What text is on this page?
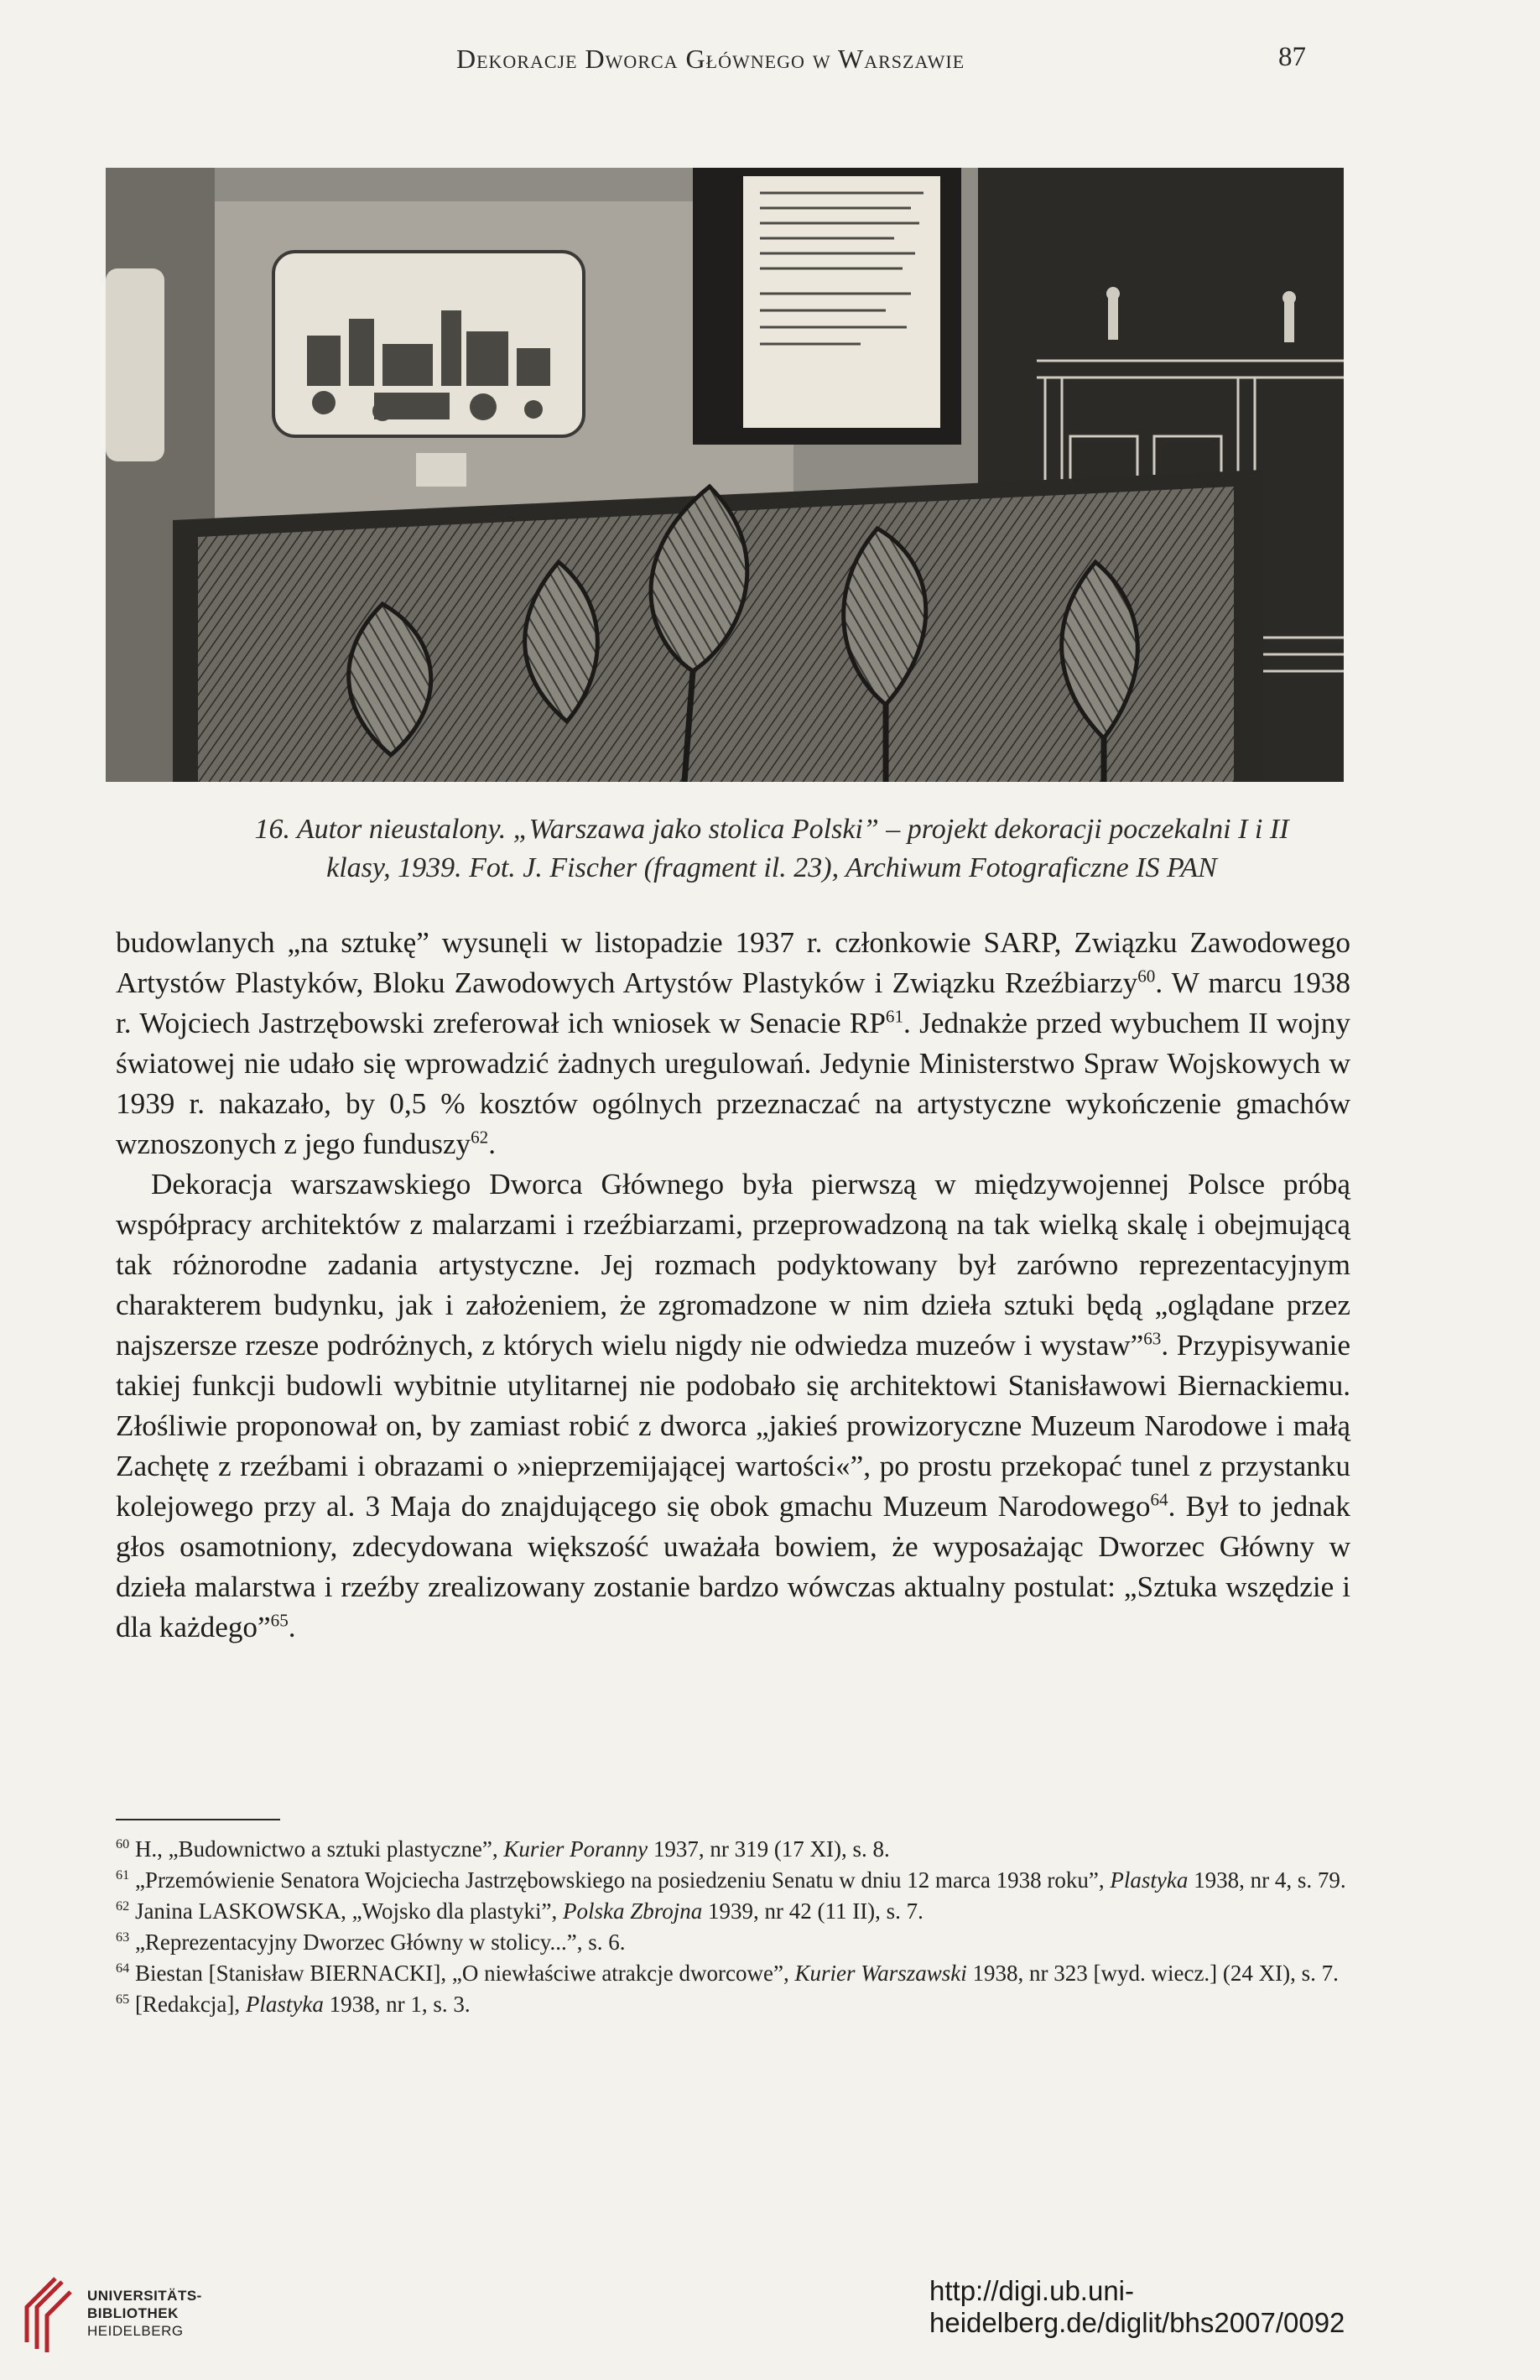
Dekoracje Dworca Głównego w Warszawie	87
16. Autor nieustalony. „Warszawa jako stolica Polski” – projekt dekoracji poczekalni I i II
klasy, 1939. Fot. J. Fischer (fragment il. 23), Archiwum Fotograficzne IS PAN

budowlanych „na sztukę” wysunęli w listopadzie 1937 r. członkowie SARP, Związku Zawodowego Artystów Plastyków, Bloku Zawodowych Artystów Plastyków i Związku Rzeźbiarzy$^{60}$. W marcu 1938 r. Wojciech Jastrzębowski zreferował ich wniosek w Senacie RP$^{61}$. Jednakże przed wybuchem II wojny światowej nie udało się wprowadzić żadnych uregulowań. Jedynie Ministerstwo Spraw Wojskowych w 1939 r. nakazało, by 0,5 % kosztów ogólnych przeznaczać na artystyczne wykończenie gmachów wznoszonych z jego funduszy$^{62}$.

Dekoracja warszawskiego Dworca Głównego była pierwszą w międzywojennej Polsce próbą współpracy architektów z malarzami i rzeźbiarzami, przeprowadzoną na tak wielką skalę i obejmującą tak różnorodne zadania artystyczne. Jej rozmach podyktowany był zarówno reprezentacyjnym charakterem budynku, jak i założeniem, że zgromadzone w nim dzieła sztuki będą „oglądane przez najszersze rzesze podróżnych, z których wielu nigdy nie odwiedza muzeów i wystaw”$^{63}$. Przypisywanie takiej funkcji budowli wybitnie utylitarnej nie podobało się architektowi Stanisławowi Biernackiemu. Złośliwie proponował on, by zamiast robić z dworca „jakieś prowizoryczne Muzeum Narodowe i małą Zachętę z rzeźbami i obrazami o »nieprzemijającej wartości«”, po prostu przekopać tunel z przystanku kolejowego przy al. 3 Maja do znajdującego się obok gmachu Muzeum Narodowego$^{64}$. Był to jednak głos osamotniony, zdecydowana większość uważała bowiem, że wyposażając Dworzec Główny w dzieła malarstwa i rzeźby zrealizowany zostanie bardzo wówczas aktualny postulat: „Sztuka wszędzie i dla każdego”$^{65}$.

$^{60}$ H., „Budownictwo a sztuki plastyczne”, Kurier Poranny 1937, nr 319 (17 XI), s. 8.
$^{61}$ „Przemówienie Senatora Wojciecha Jastrzębowskiego na posiedzeniu Senatu w dniu 12 marca 1938 roku”, Plastyka 1938, nr 4, s. 79.
$^{62}$ Janina LASKOWSKA, „Wojsko dla plastyki”, Polska Zbrojna 1939, nr 42 (11 II), s. 7.
$^{63}$ „Reprezentacyjny Dworzec Główny w stolicy...”, s. 6.
$^{64}$ Biestan [Stanisław BIERNACKI], „O niewłaściwe atrakcje dworcowe”, Kurier Warszawski 1938, nr 323 [wyd. wiecz.] (24 XI), s. 7.
$^{65}$ [Redakcja], Plastyka 1938, nr 1, s. 3.
UNIVERSITÄTS-
BIBLIOTHEK
HEIDELBERG
http://digi.ub.uni-heidelberg.de/diglit/bhs2007/0092
